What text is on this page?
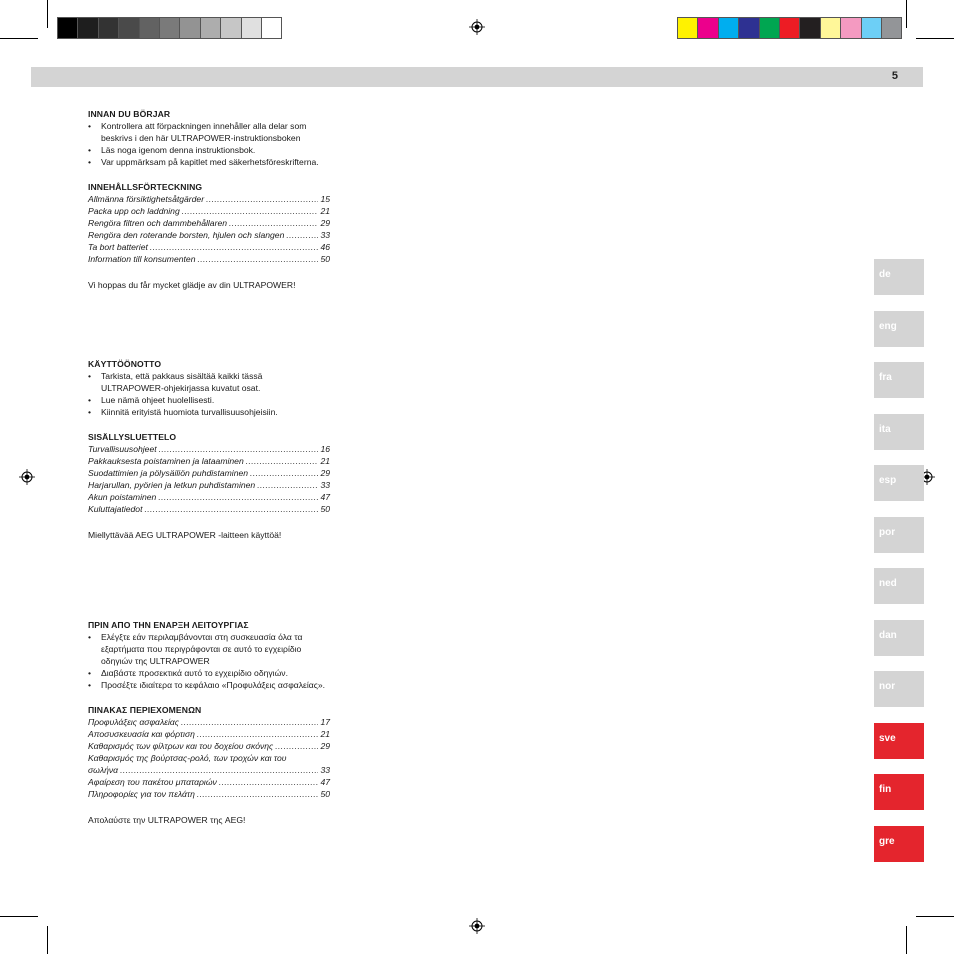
5
INNAN DU BÖRJAR
• Kontrollera att förpackningen innehåller alla delar som beskrivs i den här ULTRAPOWER-instruktionsboken
• Läs noga igenom denna instruktionsbok.
• Var uppmärksam på kapitlet med säkerhetsföreskrifterna.
INNEHÅLLSFÖRTECKNING
Allmänna försiktighetsåtgärder . . .	15
Packa upp och laddning . . .	21
Rengöra filtren och dammbehållaren . . .	29
Rengöra den roterande borsten, hjulen och slangen . . .	33
Ta bort batteriet . . .	46
Information till konsumenten . . .	50

Vi hoppas du får mycket glädje av din ULTRAPOWER!

KÄYTTÖÖNOTTO
• Tarkista, että pakkaus sisältää kaikki tässä ULTRAPOWER-ohjekirjassa kuvatut osat.
• Lue nämä ohjeet huolellisesti.
• Kiinnitä erityistä huomiota turvallisuusohjeisiin.
SISÄLLYSLUETTELO
Turvallisuusohjeet . . .	16
Pakkauksesta poistaminen ja lataaminen . . .	21
Suodattimien ja pölysäiliön puhdistaminen . . .	29
Harjarullan, pyörien ja letkun puhdistaminen . . .	33
Akun poistaminen . . .	47
Kuluttajatiedot . . .	50

Miellyttävää AEG ULTRAPOWER -laitteen käyttöä!

ΠΡΙΝ ΑΠΟ ΤΗΝ ΕΝΑΡΞΗ ΛΕΙΤΟΥΡΓΙΑΣ
• Ελέγξτε εάν περιλαμβάνονται στη συσκευασία όλα τα εξαρτήματα που περιγράφονται σε αυτό το εγχειρίδιο οδηγιών της ULTRAPOWER
• Διαβάστε προσεκτικά αυτό το εγχειρίδιο οδηγιών.
• Προσέξτε ιδιαίτερα το κεφάλαιο «Προφυλάξεις ασφαλείας».
ΠΙΝΑΚΑΣ ΠΕΡΙΕΧΟΜΕΝΩΝ
Προφυλάξεις ασφαλείας . . .	17
Αποσυσκευασία και φόρτιση . . .	21
Καθαρισμός των φίλτρων και του δοχείου σκόνης . . .	29
Καθαρισμός της βούρτσας-ρολό, των τροχών και του
σωλήνα . . .	33
Αφαίρεση του πακέτου μπαταριών . . .	47
Πληροφορίες για τον πελάτη . . .	50

Απολαύστε την ULTRAPOWER της AEG!

de
eng
fra
ita
esp
por
ned
dan
nor
sve
fin
gre
